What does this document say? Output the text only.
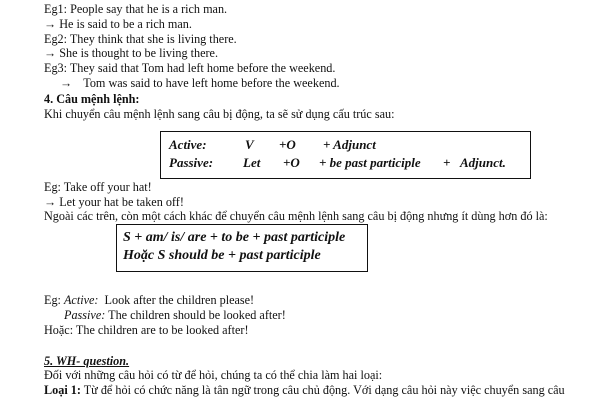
Eg1: People say that he is a rich man.
→ He is said to be a rich man.
Eg2: They think that she is living there.
→ She is thought to be living there.
Eg3: They said that Tom had left home before the weekend.
→ Tom was said to have left home before the weekend.
4. Câu mệnh lệnh:
Khi chuyển câu mệnh lệnh sang câu bị động, ta sẽ sử dụng cấu trúc sau:
Active:	V +O + Adjunct
Passive: Let +O + be past participle + Adjunct.
Eg: Take off your hat!
→ Let your hat be taken off!
Ngoài các trên, còn một cách khác để chuyển câu mệnh lệnh sang câu bị động nhưng ít dùng hơn đó là:
S + am/ is/ are + to be + past participle
Hoặc S should be + past participle
Eg: Active: Look after the children please!
Passive: The children should be looked after!
Hoặc: The children are to be looked after!
5. WH- question.
Đối với những câu hỏi có từ để hỏi, chúng ta có thể chia làm hai loại:
Loại 1: Từ để hỏi có chức năng là tân ngữ trong câu chủ động. Với dạng câu hỏi này việc chuyển sang câu
